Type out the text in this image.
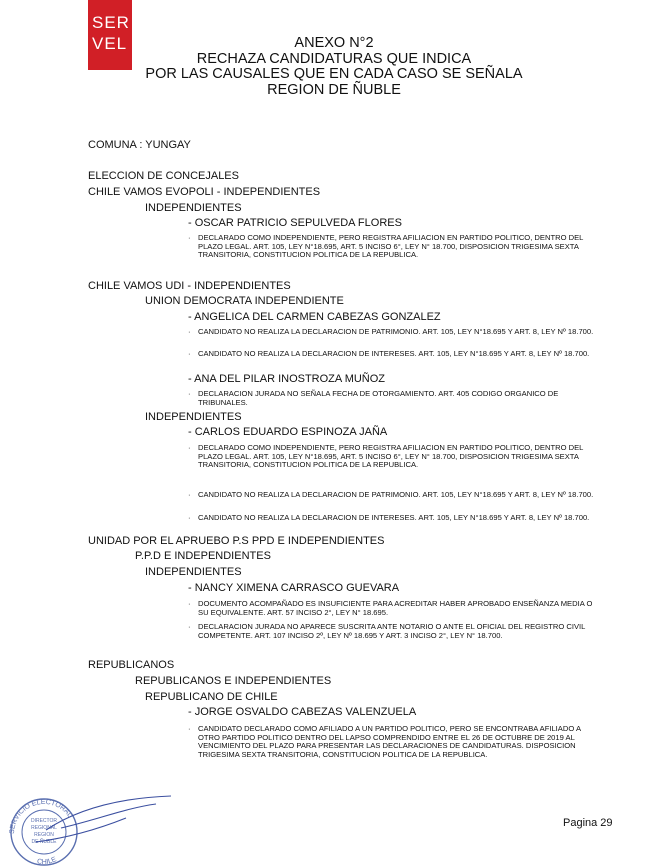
SER
VEL	ANEXO N°2
RECHAZA CANDIDATURAS QUE INDICA
POR LAS CAUSALES QUE EN CADA CASO SE SEÑALA
REGION DE ÑUBLE
COMUNA : YUNGAY
ELECCION DE CONCEJALES
CHILE VAMOS EVOPOLI - INDEPENDIENTES
INDEPENDIENTES
- OSCAR PATRICIO SEPULVEDA FLORES
· DECLARADO COMO INDEPENDIENTE, PERO REGISTRA AFILIACION EN PARTIDO POLITICO, DENTRO DEL PLAZO LEGAL. ART. 105, LEY N°18.695, ART. 5 INCISO 6°, LEY N° 18.700, DISPOSICION TRIGESIMA SEXTA TRANSITORIA, CONSTITUCION POLITICA DE LA REPUBLICA.
CHILE VAMOS UDI - INDEPENDIENTES
UNION DEMOCRATA INDEPENDIENTE
- ANGELICA DEL CARMEN CABEZAS GONZALEZ
· CANDIDATO NO REALIZA LA DECLARACION DE PATRIMONIO. ART. 105, LEY N°18.695 Y ART. 8, LEY Nº 18.700.
· CANDIDATO NO REALIZA LA DECLARACION DE INTERESES. ART. 105, LEY N°18.695 Y ART. 8, LEY Nº 18.700.
- ANA DEL PILAR INOSTROZA MUÑOZ
· DECLARACION JURADA NO SEÑALA FECHA DE OTORGAMIENTO. ART. 405 CODIGO ORGANICO DE TRIBUNALES.
INDEPENDIENTES
- CARLOS EDUARDO ESPINOZA JAÑA
· DECLARADO COMO INDEPENDIENTE, PERO REGISTRA AFILIACION EN PARTIDO POLITICO, DENTRO DEL PLAZO LEGAL. ART. 105, LEY N°18.695, ART. 5 INCISO 6°, LEY N° 18.700, DISPOSICION TRIGESIMA SEXTA TRANSITORIA, CONSTITUCION POLITICA DE LA REPUBLICA.
· CANDIDATO NO REALIZA LA DECLARACION DE PATRIMONIO. ART. 105, LEY N°18.695 Y ART. 8, LEY Nº 18.700.
· CANDIDATO NO REALIZA LA DECLARACION DE INTERESES. ART. 105, LEY N°18.695 Y ART. 8, LEY Nº 18.700.
UNIDAD POR EL APRUEBO P.S PPD E INDEPENDIENTES
P.P.D E INDEPENDIENTES
INDEPENDIENTES
- NANCY XIMENA CARRASCO GUEVARA
· DOCUMENTO ACOMPAÑADO ES INSUFICIENTE PARA ACREDITAR HABER APROBADO ENSEÑANZA MEDIA O SU EQUIVALENTE. ART. 57 INCISO 2°, LEY N° 18.695.
· DECLARACION JURADA NO APARECE SUSCRITA ANTE NOTARIO O ANTE EL OFICIAL DEL REGISTRO CIVIL COMPETENTE. ART. 107 INCISO 2º, LEY Nº 18.695 Y ART. 3 INCISO 2°, LEY N° 18.700.
REPUBLICANOS
REPUBLICANOS E INDEPENDIENTES
REPUBLICANO DE CHILE
- JORGE OSVALDO CABEZAS VALENZUELA
· CANDIDATO DECLARADO COMO AFILIADO A UN PARTIDO POLITICO, PERO SE ENCONTRABA AFILIADO A OTRO PARTIDO POLITICO DENTRO DEL LAPSO COMPRENDIDO ENTRE EL 26 DE OCTUBRE DE 2019 AL VENCIMIENTO DEL PLAZO PARA PRESENTAR LAS DECLARACIONES DE CANDIDATURAS. DISPOSICION TRIGESIMA SEXTA TRANSITORIA, CONSTITUCION POLITICA DE LA REPUBLICA.
SERVICIO ELECTORAL
CHILE
DIRECTOR
REGIONAL
REGION
DE ÑUBLE
Pagina 29
